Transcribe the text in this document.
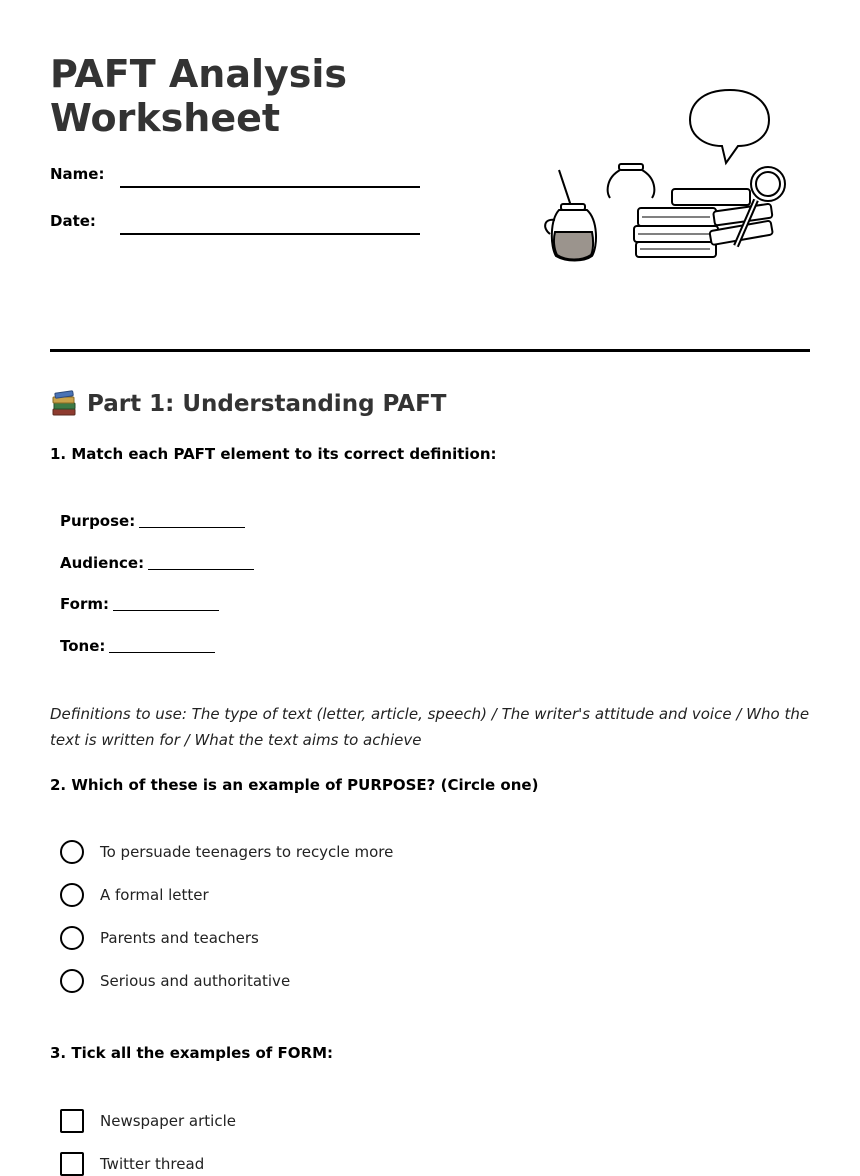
PAFT Analysis
Worksheet
Name:
Date:
Part 1: Understanding PAFT

1. Match each PAFT element to its correct definition:

Purpose:
Audience:
Form:
Tone:

Definitions to use: The type of text (letter, article, speech) / The writer's attitude and voice / Who the text is written for / What the text aims to achieve

2. Which of these is an example of PURPOSE? (Circle one)

To persuade teenagers to recycle more
A formal letter
Parents and teachers
Serious and authoritative

3. Tick all the examples of FORM:

Newspaper article
Twitter thread
